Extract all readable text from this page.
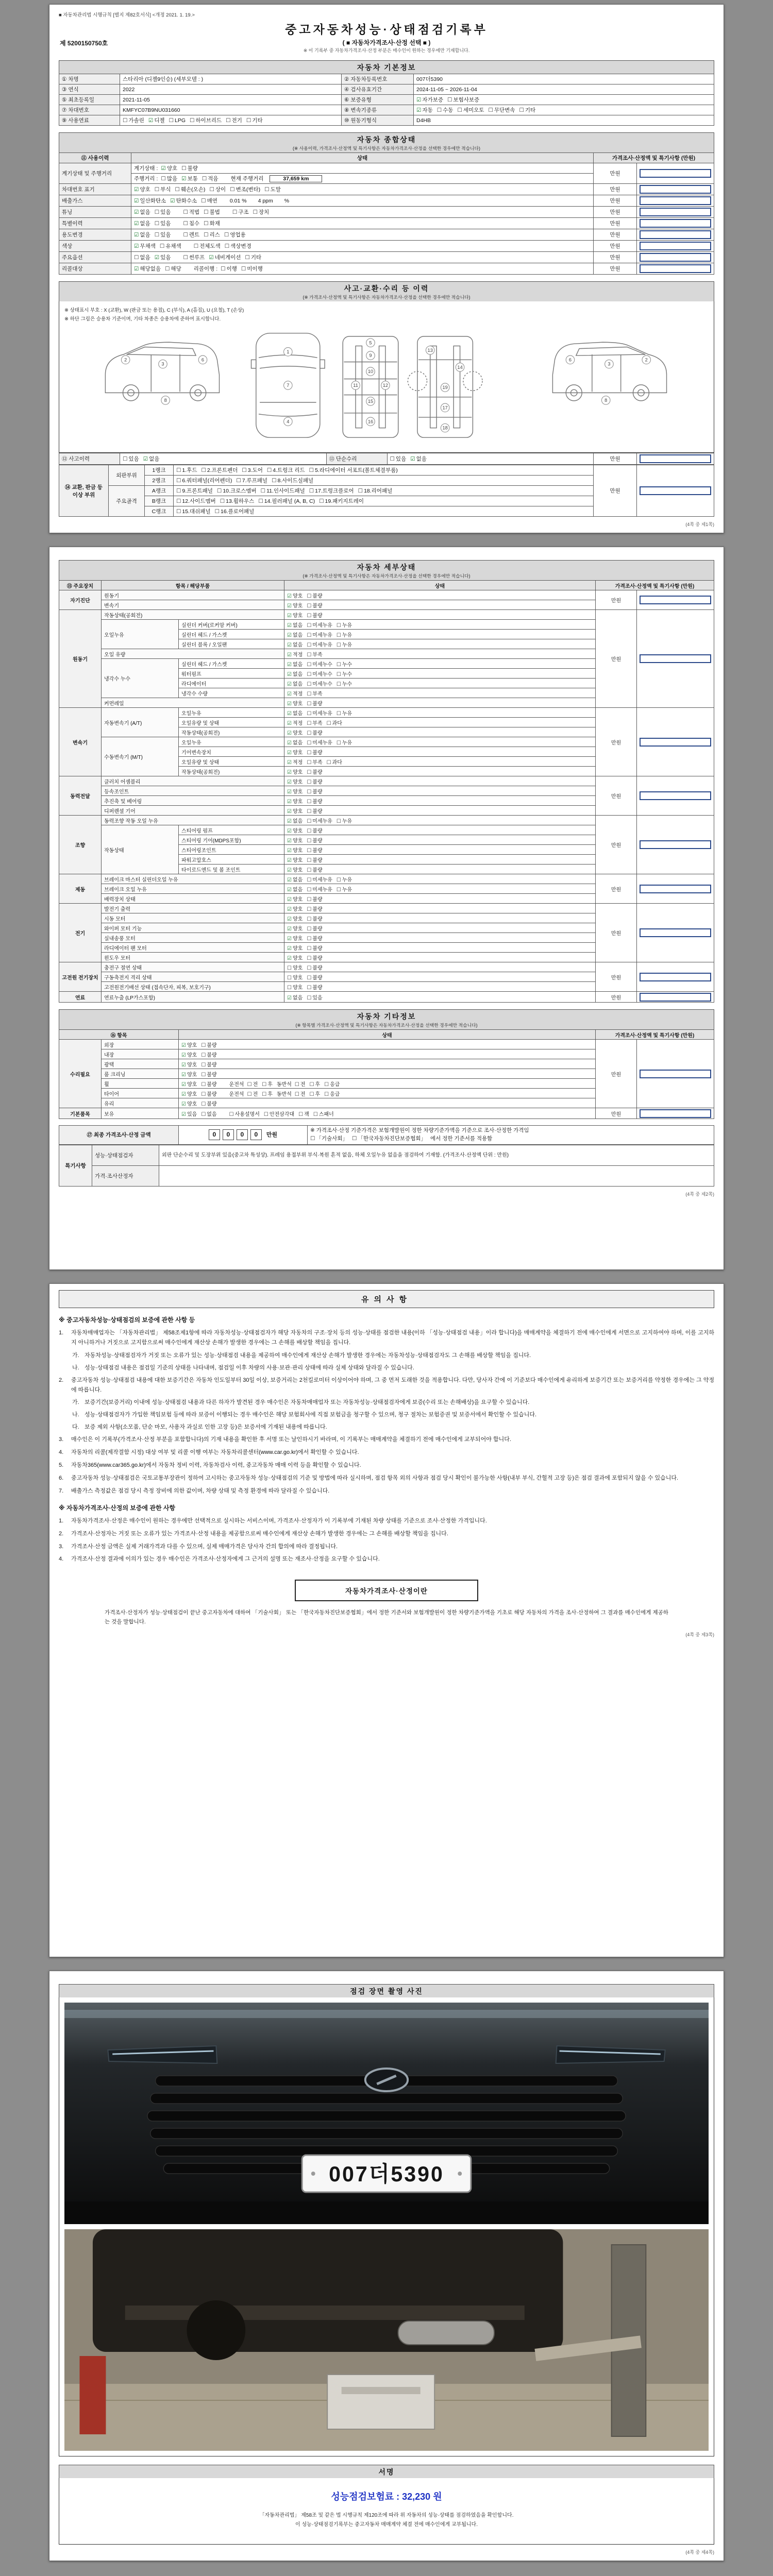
■ 자동차관리법 시행규칙 [별지 제82호서식] <개정 2021. 1. 19.>
제 5200150750호
중고자동차성능·상태점검기록부
( ■ 자동차가격조사·산정 선택 ■ )
※ 이 기록부 중 자동차가격조사·산정 부분은 매수인이 원하는 경우에만 기재합니다.
자동차 기본정보
① 차명	스타리아 (디젤9인승) (세부모델 : )	② 자동차등록번호	007더5390
③ 연식	2022	④ 검사유효기간	2024-11-05 ~ 2026-11-04
⑤ 최초등록일	2021-11-05	⑥ 보증유형	☑ 자가보증 ☐ 보험사보증
⑦ 차대번호	KMFYC07B9NU031660	⑧ 변속기종류	☑ 자동 ☐ 수동 ☐ 세미오토 ☐ 무단변속 ☐ 기타
⑨ 사용연료	☐ 가솔린 ☑ 디젤 ☐ LPG ☐ 하이브리드 ☐ 전기 ☐ 기타	⑩ 원동기형식	D4HB
자동차 종합상태
(※ 사용이력, 가격조사·산정액 및 특기사항은 자동차가격조사·산정을 선택한 경우에만 적습니다)
⑪ 사용이력	상태	가격조사·산정액 및 특기사항 (만원)	
계기상태 및 주행거리	계기상태 : ☑ 양호 ☐ 불량	만원	

	주행거리 : ☐ 많음 ☑ 보통 ☐ 적음 현재 주행거리 37,659 km		
차대번호 표기	☑ 양호 ☐ 부식 ☐ 훼손(오손) ☐ 상이 ☐ 변조(변타) ☐ 도말	만원	

배출가스	☑ 일산화탄소 ☑ 탄화수소 ☐ 매연 0.01 % 4 ppm %	만원	

튜닝	☑ 없음 ☐ 있음 ☐ 적법 ☐ 불법 ☐ 구조 ☐ 장치	만원	

특별이력	☑ 없음 ☐ 있음 ☐ 침수 ☐ 화재	만원	

용도변경	☑ 없음 ☐ 있음 ☐ 렌트 ☐ 리스 ☐ 영업용	만원	

색상	☑ 무채색 ☐ 유채색 ☐ 전체도색 ☐ 색상변경	만원	

주요옵션	☐ 없음 ☑ 있음 ☐ 썬루프 ☑ 네비게이션 ☐ 기타	만원	

리콜대상	☑ 해당없음 ☐ 해당 리콜이행 : ☐ 이행 ☐ 미이행	만원	
사고·교환·수리 등 이력
(※ 가격조사·산정액 및 특기사항은 자동차가격조사·산정을 선택한 경우에만 적습니다)
※ 상태표시 부호 : X (교환), W (판금 또는 용접), C (부식), A (흠집), U (요철), T (손상)
※ 하단 그림은 승용차 기준이며, 기타 차종은 승용차에 준하여 표시합니다.
2
3
6
8
1
7
4
5
9
10
11	12
15
16
13
14
19
17
18
6
3
2
8
⑫ 사고이력	☐ 있음 ☑ 없음	⑬ 단순수리	☐ 있음 ☑ 없음	만원	
⑭ 교환, 판금 등 이상 부위	외판부위	1랭크	☐ 1.후드 ☐ 2.프론트펜더 ☐ 3.도어 ☐ 4.트렁크 리드 ☐ 5.라디에이터 서포트(볼트체결부품)	만원	

		2랭크	☐ 6.쿼터패널(리어펜더) ☐ 7.루프패널 ☐ 8.사이드실패널		
	주요골격	A랭크	☐ 9.프론트패널 ☐ 10.크로스멤버 ☐ 11.인사이드패널 ☐ 17.트렁크플로어 ☐ 18.리어패널		
		B랭크	☐ 12.사이드멤버 ☐ 13.휠하우스 ☐ 14.필러패널 (A, B, C) ☐ 19.패키지트레이		
		C랭크	☐ 15.대쉬패널 ☐ 16.플로어패널		
(4쪽 중 제1쪽)
자동차 세부상태
(※ 가격조사·산정액 및 특기사항은 자동차가격조사·산정을 선택한 경우에만 적습니다)
⑮ 주요장치	항목 / 해당부품		상태	가격조사·산정액 및 특기사항 (만원)	
자기진단	원동기		☑ 양호 ☐ 불량	만원	

	변속기		☑ 양호 ☐ 불량		
원동기	작동상태(공회전)		☑ 양호 ☐ 불량	만원	

	오일누유	실린더 커버(로커암 커버)	☑ 없음 ☐ 미세누유 ☐ 누유		
		실린더 헤드 / 가스켓	☑ 없음 ☐ 미세누유 ☐ 누유		
		실린더 블록 / 오일팬	☑ 없음 ☐ 미세누유 ☐ 누유		
	오일 유량		☑ 적정 ☐ 부족		
	냉각수 누수	실린더 헤드 / 가스켓	☑ 없음 ☐ 미세누수 ☐ 누수		
		워터펌프	☑ 없음 ☐ 미세누수 ☐ 누수		
		라디에이터	☑ 없음 ☐ 미세누수 ☐ 누수		
		냉각수 수량	☑ 적정 ☐ 부족		
	커먼레일		☑ 양호 ☐ 불량		
변속기	자동변속기 (A/T)	오일누유	☑ 없음 ☐ 미세누유 ☐ 누유	만원	

		오일유량 및 상태	☑ 적정 ☐ 부족 ☐ 과다		
		작동상태(공회전)	☑ 양호 ☐ 불량		
	수동변속기 (M/T)	오일누유	☑ 없음 ☐ 미세누유 ☐ 누유		
		기어변속장치	☑ 양호 ☐ 불량		
		오일유량 및 상태	☑ 적정 ☐ 부족 ☐ 과다		
		작동상태(공회전)	☑ 양호 ☐ 불량		
동력전달	클러치 어셈블리		☑ 양호 ☐ 불량	만원	

	등속조인트		☑ 양호 ☐ 불량		
	추진축 및 베어링		☑ 양호 ☐ 불량		
	디퍼렌셜 기어		☑ 양호 ☐ 불량		
조향	동력조향 작동 오일 누유		☑ 없음 ☐ 미세누유 ☐ 누유	만원	

	작동상태	스티어링 펌프	☑ 양호 ☐ 불량		
		스티어링 기어(MDPS포함)	☑ 양호 ☐ 불량		
		스티어링조인트	☑ 양호 ☐ 불량		
		파워고압호스	☑ 양호 ☐ 불량		
		타이로드엔드 및 볼 조인트	☑ 양호 ☐ 불량		
제동	브레이크 마스터 실린더오일 누유		☑ 없음 ☐ 미세누유 ☐ 누유	만원	

	브레이크 오일 누유		☑ 없음 ☐ 미세누유 ☐ 누유		
	배력장치 상태		☑ 양호 ☐ 불량		
전기	발전기 출력		☑ 양호 ☐ 불량	만원	

	시동 모터		☑ 양호 ☐ 불량		
	와이퍼 모터 기능		☑ 양호 ☐ 불량		
	실내송풍 모터		☑ 양호 ☐ 불량		
	라디에이터 팬 모터		☑ 양호 ☐ 불량		
	윈도우 모터		☑ 양호 ☐ 불량		
고전원 전기장치	충전구 절연 상태		☐ 양호 ☐ 불량	만원	

	구동축전지 격리 상태		☐ 양호 ☐ 불량		
	고전원전기배선 상태 (접속단자, 피복, 보호기구)		☐ 양호 ☐ 불량		
연료	연료누출 (LP가스포함)		☑ 없음 ☐ 있음	만원	
자동차 기타정보
(※ 항목별 가격조사·산정액 및 특기사항은 자동차가격조사·산정을 선택한 경우에만 적습니다)
⑯ 항목		상태	가격조사·산정액 및 특기사항 (만원)	
수리필요	외장	☑ 양호 ☐ 불량	만원	

	내장	☑ 양호 ☐ 불량		
	광택	☑ 양호 ☐ 불량		
	룸 크리닝	☑ 양호 ☐ 불량		
	휠	☑ 양호 ☐ 불량 운전석 ☐ 전 ☐ 후 동반석 ☐ 전 ☐ 후 ☐ 응급		
	타이어	☑ 양호 ☐ 불량 운전석 ☐ 전 ☐ 후 동반석 ☐ 전 ☐ 후 ☐ 응급		
	유리	☑ 양호 ☐ 불량		
기본품목	보유	☑ 있음 ☐ 없음 ☐ 사용설명서 ☐ 안전삼각대 ☐ 잭 ☐ 스패너	만원	
⑰ 최종 가격조사·산정 금액	0 0 0 0 만원	※ 가격조사·산정 기준가격은 보험개발원이 정한 차량기준가액을 기준으로 조사·산정한 가격임
☐ 「기술사회」 ☐ 「한국자동차진단보증협회」 에서 정한 기준서를 적용함
특기사항	성능·상태점검자	외판 단순수리 및 도장부위 있음(중고차 특성상). 프레임 용접부위 부식·복원 흔적 없음, 하체 오일누유 없음을 점검하여 기재함. (가격조사·산정액 단위 : 만원)
	가격·조사산정자	
(4쪽 중 제2쪽)
유의사항
※ 중고자동차성능·상태점검의 보증에 관한 사항 등
1.	자동차매매업자는 「자동차관리법」 제58조제1항에 따라 자동차성능·상태점검자가 해당 자동차의 구조·장치 등의 성능·상태를 점검한 내용(이하 「성능·상태점검 내용」이라 합니다)을 매매계약을 체결하기 전에 매수인에게 서면으로 고지하여야 하며, 이를 고지하지 아니하거나 거짓으로 고지함으로써 매수인에게 재산상 손해가 발생한 경우에는 그 손해를 배상할 책임을 집니다.
가. 자동차성능·상태점검자가 거짓 또는 오류가 있는 성능·상태점검 내용을 제공하여 매수인에게 재산상 손해가 발생한 경우에는 자동차성능·상태점검자도 그 손해를 배상할 책임을 집니다.
나. 성능·상태점검 내용은 점검일 기준의 상태를 나타내며, 점검일 이후 차량의 사용·보관·관리 상태에 따라 실제 상태와 달라질 수 있습니다.
2.	중고자동차 성능·상태점검 내용에 대한 보증기간은 자동차 인도일부터 30일 이상, 보증거리는 2천킬로미터 이상이어야 하며, 그 중 먼저 도래한 것을 적용합니다. 다만, 당사자 간에 이 기준보다 매수인에게 유리하게 보증기간 또는 보증거리를 약정한 경우에는 그 약정에 따릅니다.
가. 보증기간(보증거리) 이내에 성능·상태점검 내용과 다른 하자가 발견된 경우 매수인은 자동차매매업자 또는 자동차성능·상태점검자에게 보증(수리 또는 손해배상)을 요구할 수 있습니다.
나. 성능·상태점검자가 가입한 책임보험 등에 따라 보증이 이행되는 경우 매수인은 해당 보험회사에 직접 보험금을 청구할 수 있으며, 청구 절차는 보험증권 및 보증서에서 확인할 수 있습니다.
다. 보증 제외 사항(소모품, 단순 마모, 사용자 과실로 인한 고장 등)은 보증서에 기재된 내용에 따릅니다.
3.	매수인은 이 기록부(가격조사·산정 부분을 포함합니다)의 기재 내용을 확인한 후 서명 또는 날인하시기 바라며, 이 기록부는 매매계약을 체결하기 전에 매수인에게 교부되어야 합니다.
4.	자동차의 리콜(제작결함 시정) 대상 여부 및 리콜 이행 여부는 자동차리콜센터(www.car.go.kr)에서 확인할 수 있습니다.
5.	자동차365(www.car365.go.kr)에서 자동차 정비 이력, 자동차검사 이력, 중고자동차 매매 이력 등을 확인할 수 있습니다.
6.	중고자동차 성능·상태점검은 국토교통부장관이 정하여 고시하는 중고자동차 성능·상태점검의 기준 및 방법에 따라 실시하며, 점검 항목 외의 사항과 점검 당시 확인이 불가능한 사항(내부 부식, 간헐적 고장 등)은 점검 결과에 포함되지 않을 수 있습니다.
7.	배출가스 측정값은 점검 당시 측정 장비에 의한 값이며, 차량 상태 및 측정 환경에 따라 달라질 수 있습니다.
※ 자동차가격조사·산정의 보증에 관한 사항
1.	자동차가격조사·산정은 매수인이 원하는 경우에만 선택적으로 실시하는 서비스이며, 가격조사·산정자가 이 기록부에 기재된 차량 상태를 기준으로 조사·산정한 가격입니다.
2.	가격조사·산정자는 거짓 또는 오류가 있는 가격조사·산정 내용을 제공함으로써 매수인에게 재산상 손해가 발생한 경우에는 그 손해를 배상할 책임을 집니다.
3.	가격조사·산정 금액은 실제 거래가격과 다를 수 있으며, 실제 매매가격은 당사자 간의 합의에 따라 결정됩니다.
4.	가격조사·산정 결과에 이의가 있는 경우 매수인은 가격조사·산정자에게 그 근거의 설명 또는 재조사·산정을 요구할 수 있습니다.
자동차가격조사·산정이란
가격조사·산정자가 성능·상태점검이 끝난 중고자동차에 대하여 「기술사회」 또는 「한국자동차진단보증협회」에서 정한 기준서와 보험개발원이 정한 차량기준가액을 기초로 해당 자동차의 가격을 조사·산정하여 그 결과를 매수인에게 제공하는 것을 말합니다.
(4쪽 중 제3쪽)
점검 장면 촬영 사진
007더5390
서명
성능점검보험료 : 32,230 원
「자동차관리법」 제58조 및 같은 법 시행규칙 제120조에 따라 위 자동차의 성능·상태를 점검하였음을 확인합니다.
이 성능·상태점검기록부는 중고자동차 매매계약 체결 전에 매수인에게 교부됩니다.
(4쪽 중 제4쪽)
